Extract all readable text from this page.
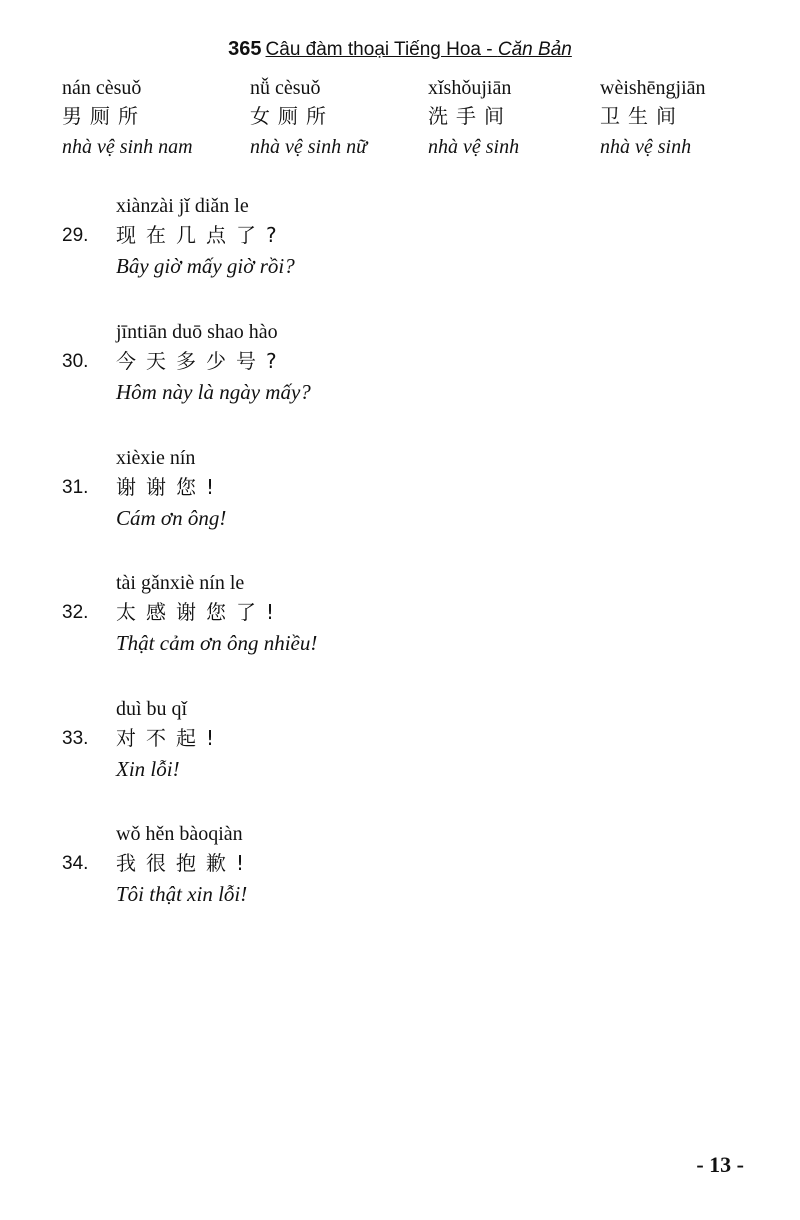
365 Câu đàm thoại Tiếng Hoa - Căn Bản
nán cèsuǒ
男厕所
nhà vệ sinh nam
nǚ cèsuǒ
女厕所
nhà vệ sinh nữ
xǐshǒujiān
洗手间
nhà vệ sinh
wèishēngjiān
卫生间
nhà vệ sinh
xiànzài jǐ diǎn le
29. 现在几点了?
Bây giờ mấy giờ rồi?
jīntiān duō shao hào
30. 今天多少号?
Hôm này là ngày mấy?
xièxie nín
31. 谢谢您!
Cám ơn ông!
tài gǎnxiè nín le
32. 太感谢您了!
Thật cảm ơn ông nhiều!
duì bu qǐ
33. 对不起!
Xin lỗi!
wǒ hěn bàoqiàn
34. 我很抱歉!
Tôi thật xin lỗi!
- 13 -
